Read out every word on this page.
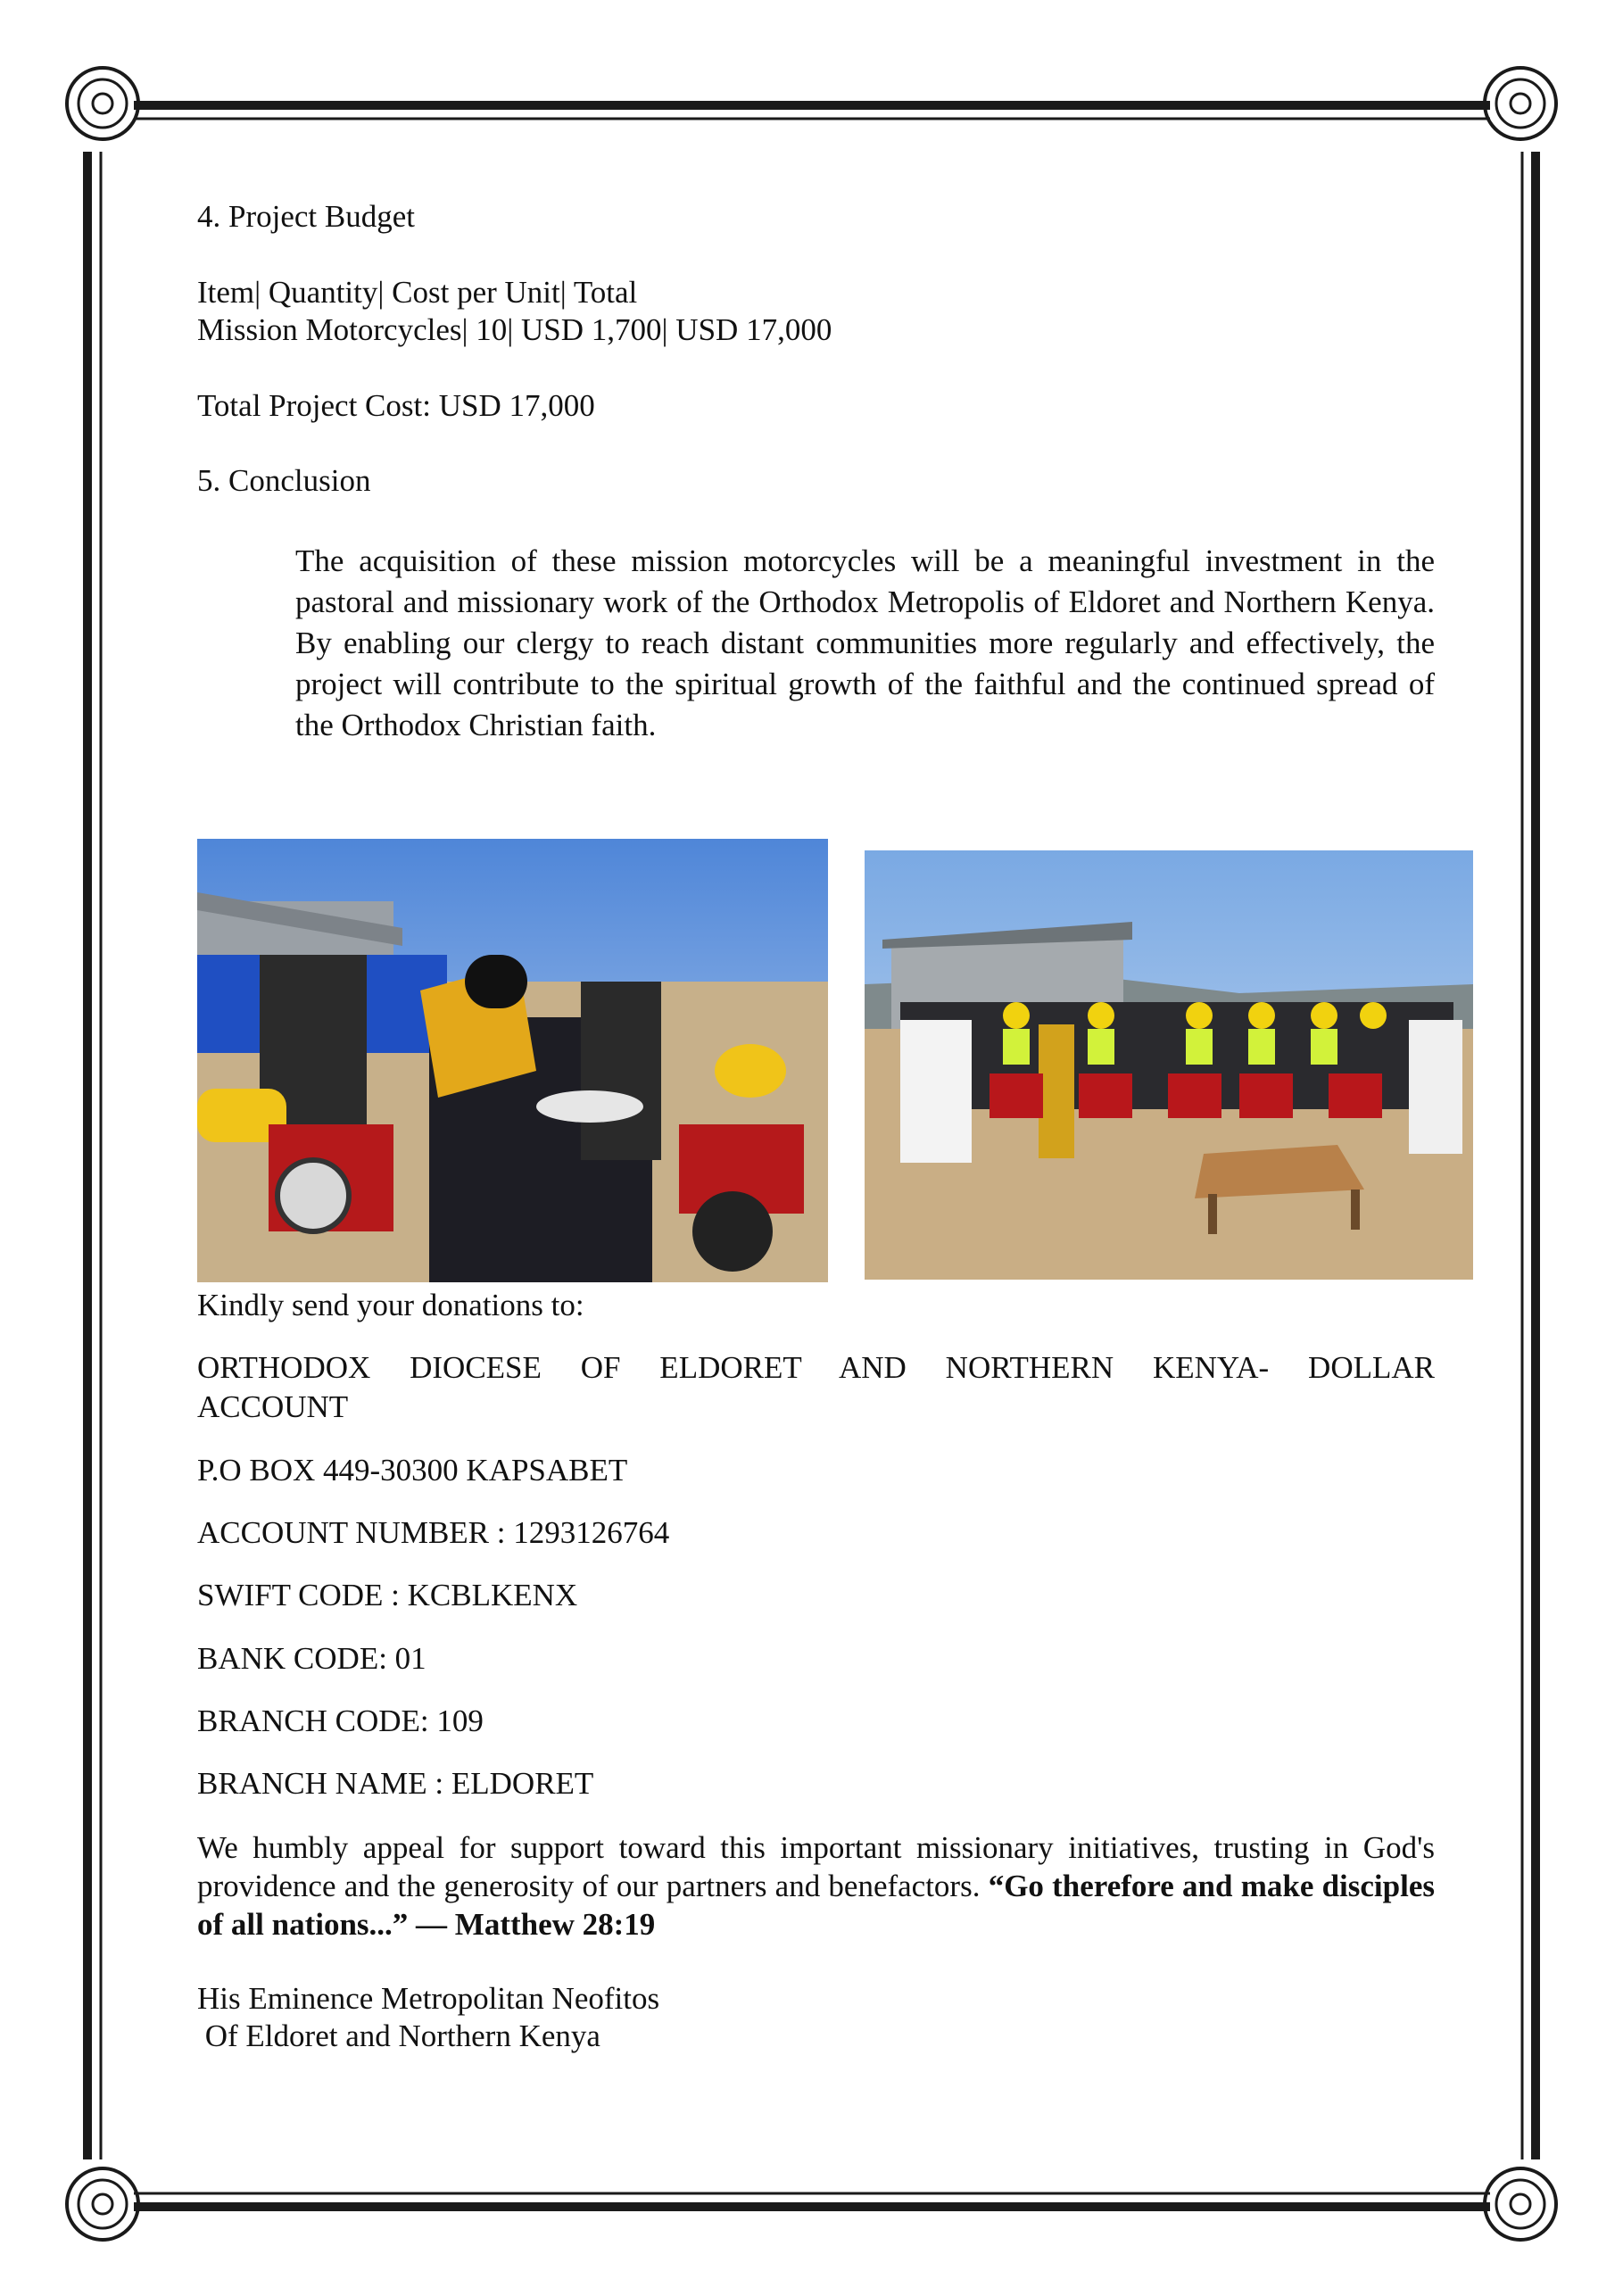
4. Project Budget

Item| Quantity| Cost per Unit| Total

Mission Motorcycles| 10| USD 1,700| USD 17,000

Total Project Cost: USD 17,000

5. Conclusion

The acquisition of these mission motorcycles will be a meaningful investment in the pastoral and missionary work of the Orthodox Metropolis of Eldoret and Northern Kenya. By enabling our clergy to reach distant communities more regularly and effectively, the project will contribute to the spiritual growth of the faithful and the continued spread of the Orthodox Christian faith.

Kindly send your donations to:

ORTHODOX DIOCESE OF ELDORET AND NORTHERN KENYA- DOLLAR

ACCOUNT

P.O BOX 449-30300 KAPSABET

ACCOUNT NUMBER : 1293126764

SWIFT CODE : KCBLKENX

BANK CODE: 01

BRANCH CODE: 109

BRANCH NAME : ELDORET

We humbly appeal for support toward this important missionary initiatives, trusting in God's providence and the generosity of our partners and benefactors. “Go therefore and make disciples of all nations...” — Matthew 28:19

His Eminence Metropolitan Neofitos

Of Eldoret and Northern Kenya
